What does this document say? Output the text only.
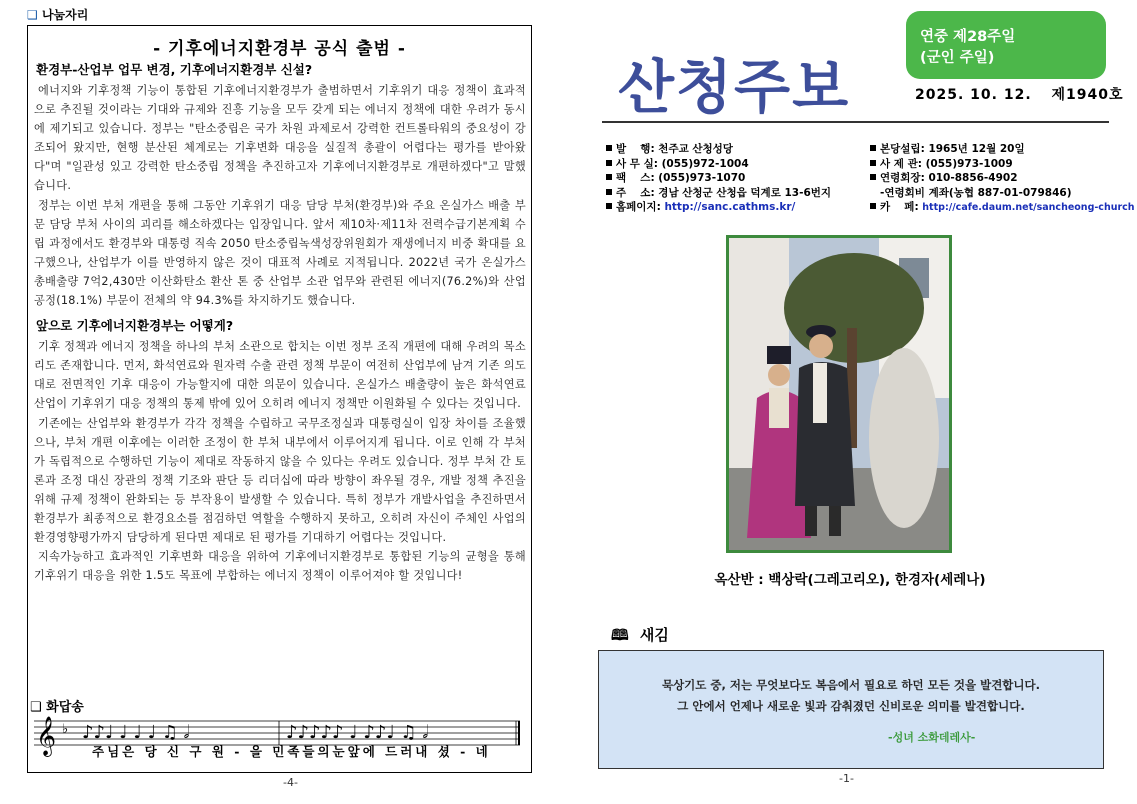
❑ 나눔자리
- 기후에너지환경부 공식 출범 -
환경부-산업부 업무 변경, 기후에너지환경부 신설?

에너지와 기후정책 기능이 통합된 기후에너지환경부가 출범하면서 기후위기 대응 정책이 효과적으로 추진될 것이라는 기대와 규제와 진흥 기능을 모두 갖게 되는 에너지 정책에 대한 우려가 동시에 제기되고 있습니다. 정부는 "탄소중립은 국가 차원 과제로서 강력한 컨트롤타워의 중요성이 강조되어 왔지만, 현행 분산된 체계로는 기후변화 대응을 실질적 총괄이 어렵다는 평가를 받아왔다"며 "일관성 있고 강력한 탄소중립 정책을 추진하고자 기후에너지환경부로 개편하겠다"고 말했습니다.

정부는 이번 부처 개편을 통해 그동안 기후위기 대응 담당 부처(환경부)와 주요 온실가스 배출 부문 담당 부처 사이의 괴리를 해소하겠다는 입장입니다. 앞서 제10차·제11차 전력수급기본계획 수립 과정에서도 환경부와 대통령 직속 2050 탄소중립녹색성장위원회가 재생에너지 비중 확대를 요구했으나, 산업부가 이를 반영하지 않은 것이 대표적 사례로 지적됩니다. 2022년 국가 온실가스 총배출량 7억2,430만 이산화탄소 환산 톤 중 산업부 소관 업무와 관련된 에너지(76.2%)와 산업공정(18.1%) 부문이 전체의 약 94.3%를 차지하기도 했습니다.

앞으로 기후에너지환경부는 어떻게?

기후 정책과 에너지 정책을 하나의 부처 소관으로 합치는 이번 정부 조직 개편에 대해 우려의 목소리도 존재합니다. 먼저, 화석연료와 원자력 수출 관련 정책 부문이 여전히 산업부에 남겨 기존 의도대로 전면적인 기후 대응이 가능할지에 대한 의문이 있습니다. 온실가스 배출량이 높은 화석연료 산업이 기후위기 대응 정책의 통제 밖에 있어 오히려 에너지 정책만 이원화될 수 있다는 것입니다.

기존에는 산업부와 환경부가 각각 정책을 수립하고 국무조정실과 대통령실이 입장 차이를 조율했으나, 부처 개편 이후에는 이러한 조정이 한 부처 내부에서 이루어지게 됩니다. 이로 인해 각 부처가 독립적으로 수행하던 기능이 제대로 작동하지 않을 수 있다는 우려도 있습니다. 정부 부처 간 토론과 조정 대신 장관의 정책 기조와 판단 등 리더십에 따라 방향이 좌우될 경우, 개발 정책 추진을 위해 규제 정책이 완화되는 등 부작용이 발생할 수 있습니다. 특히 정부가 개발사업을 추진하면서 환경부가 최종적으로 환경요소를 점검하던 역할을 수행하지 못하고, 오히려 자신이 주체인 사업의 환경영향평가까지 담당하게 된다면 제대로 된 평가를 기대하기 어렵다는 것입니다.

지속가능하고 효과적인 기후변화 대응을 위하여 기후에너지환경부로 통합된 기능의 균형을 통해 기후위기 대응을 위한 1.5도 목표에 부합하는 에너지 정책이 이루어져야 할 것입니다!

❑ 화답송
𝄞 ♭ ♪♪♩ ♩ ♩ ♩ ♫ 𝅗𝅥	♪♪♪♪♪ ♩ ♪♪♩ ♫ 𝅗𝅥
주님은 당 신 구 원 - 을 민족들의눈앞에 드러내 셨 - 네
-4-
산청주보
연중 제28주일
(군인 주일)
2025. 10. 12. 제1940호
발　 행: 천주교 산청성당
사 무 실: (055)972-1004
팩　 스: (055)973-1070
주　 소: 경남 산청군 산청읍 덕계로 13-6번지
홈페이지: http://sanc.cathms.kr/
본당설립: 1965년 12월 20일
사 제 관: (055)973-1009
연령회장: 010-8856-4902
-연령회비 계좌(농협 887-01-079846)
카　 페: http://cafe.daum.net/sancheong-church
옥산반 : 백상락(그레고리오), 한경자(세레나)
🕮 새김
묵상기도 중, 저는 무엇보다도 복음에서 필요로 하던 모든 것을 발견합니다.
그 안에서 언제나 새로운 빛과 감춰졌던 신비로운 의미를 발견합니다.
-성녀 소화데레사-
-1-
